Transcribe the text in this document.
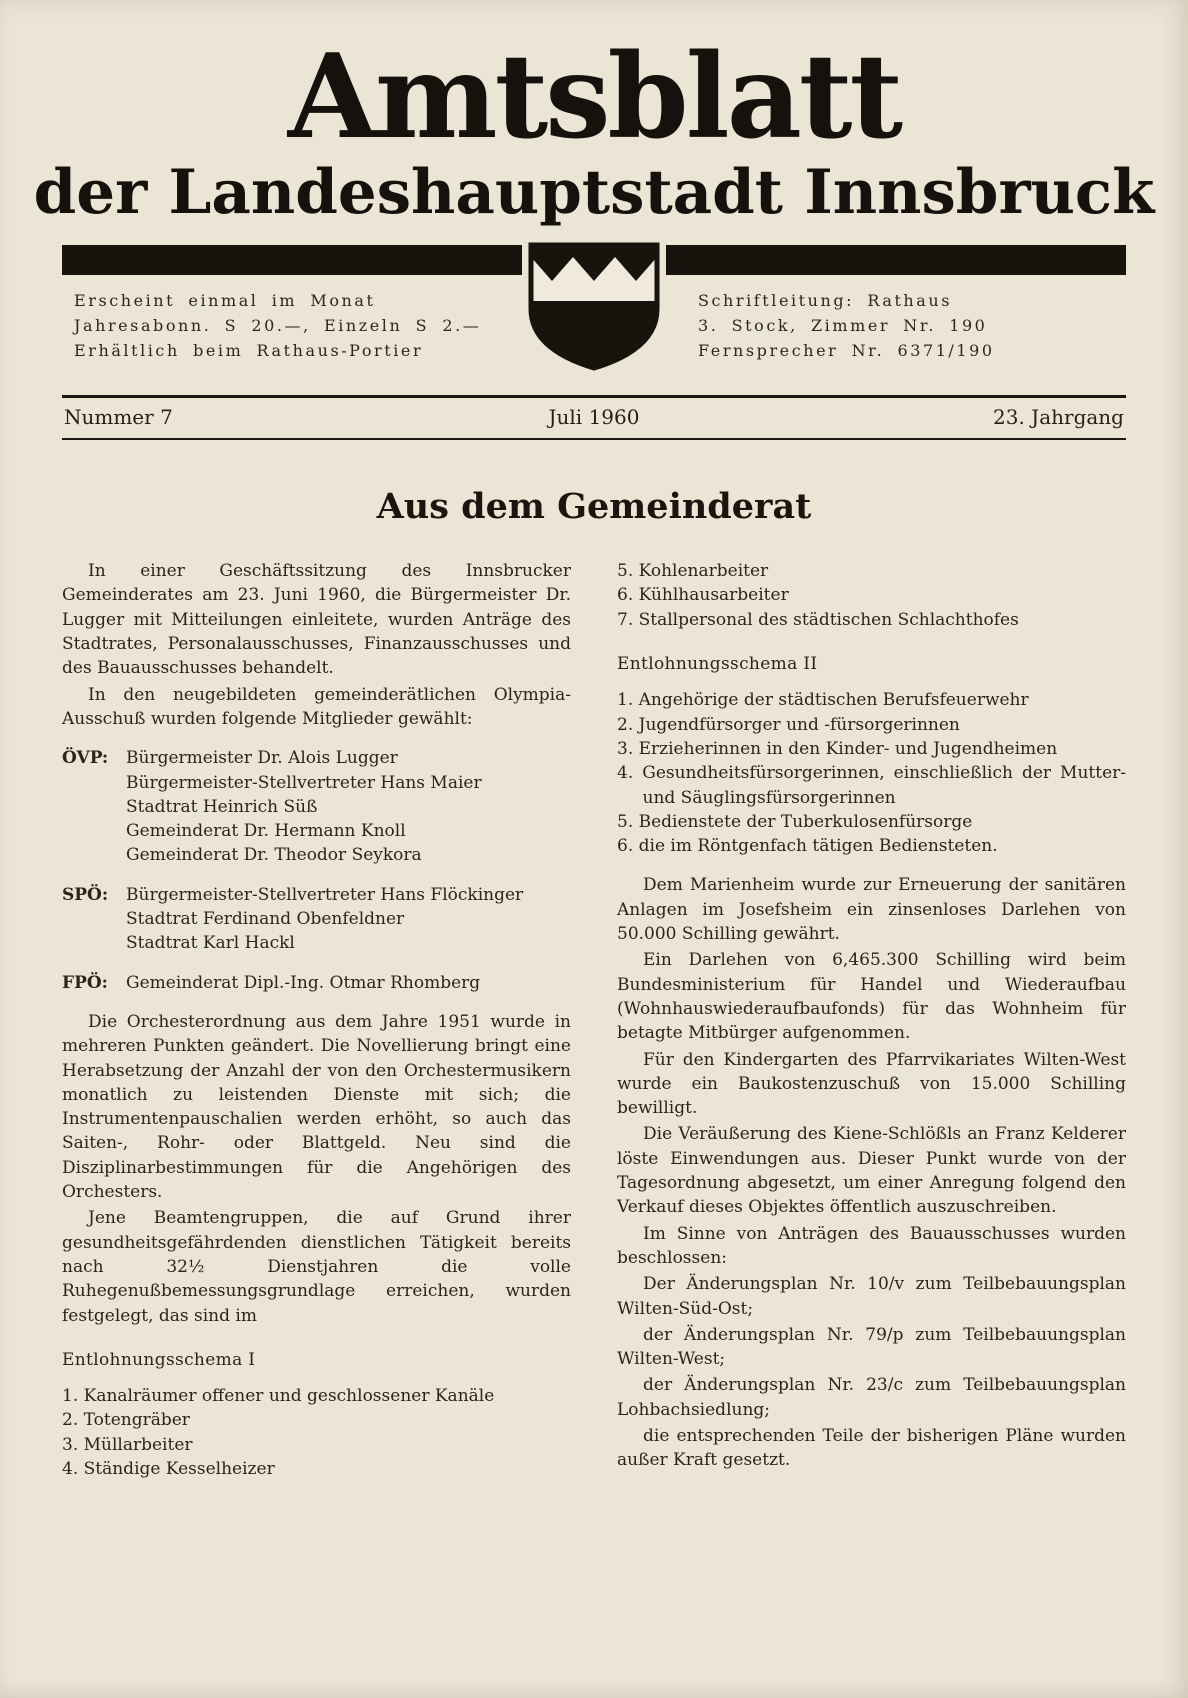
Amtsblatt
der Landeshauptstadt Innsbruck
Erscheint einmal im Monat
Jahresabonn. S 20.—, Einzeln S 2.—
Erhältlich beim Rathaus-Portier
Schriftleitung: Rathaus
3. Stock, Zimmer Nr. 190
Fernsprecher Nr. 6371/190
Nummer 7	Juli 1960	23. Jahrgang
Aus dem Gemeinderat

In einer Geschäftssitzung des Innsbrucker Gemeinderates am 23. Juni 1960, die Bürgermeister Dr. Lugger mit Mitteilungen einleitete, wurden Anträge des Stadtrates, Personalausschusses, Finanzausschusses und des Bauausschusses behandelt.

In den neugebildeten gemeinderätlichen Olympia-Ausschuß wurden folgende Mitglieder gewählt:

ÖVP:	Bürgermeister Dr. Alois Lugger
Bürgermeister-Stellvertreter Hans Maier
Stadtrat Heinrich Süß
Gemeinderat Dr. Hermann Knoll
Gemeinderat Dr. Theodor Seykora
SPÖ:	Bürgermeister-Stellvertreter Hans Flöckinger
Stadtrat Ferdinand Obenfeldner
Stadtrat Karl Hackl
FPÖ:	Gemeinderat Dipl.-Ing. Otmar Rhomberg

Die Orchesterordnung aus dem Jahre 1951 wurde in mehreren Punkten geändert. Die Novellierung bringt eine Herabsetzung der Anzahl der von den Orchestermusikern monatlich zu leistenden Dienste mit sich; die Instrumentenpauschalien werden erhöht, so auch das Saiten-, Rohr- oder Blattgeld. Neu sind die Disziplinarbestimmungen für die Angehörigen des Orchesters.

Jene Beamtengruppen, die auf Grund ihrer gesundheitsgefährdenden dienstlichen Tätigkeit bereits nach 32½ Dienstjahren die volle Ruhegenußbemessungsgrundlage erreichen, wurden festgelegt, das sind im

Entlohnungsschema I
1. Kanalräumer offener und geschlossener Kanäle
2. Totengräber
3. Müllarbeiter
4. Ständige Kesselheizer
5. Kohlenarbeiter
6. Kühlhausarbeiter
7. Stallpersonal des städtischen Schlachthofes
Entlohnungsschema II
1. Angehörige der städtischen Berufsfeuerwehr
2. Jugendfürsorger und -fürsorgerinnen
3. Erzieherinnen in den Kinder- und Jugendheimen
4. Gesundheitsfürsorgerinnen, einschließlich der Mutter- und Säuglingsfürsorgerinnen
5. Bedienstete der Tuberkulosenfürsorge
6. die im Röntgenfach tätigen Bediensteten.

Dem Marienheim wurde zur Erneuerung der sanitären Anlagen im Josefsheim ein zinsenloses Darlehen von 50.000 Schilling gewährt.

Ein Darlehen von 6,465.300 Schilling wird beim Bundesministerium für Handel und Wiederaufbau (Wohnhauswiederaufbaufonds) für das Wohnheim für betagte Mitbürger aufgenommen.

Für den Kindergarten des Pfarrvikariates Wilten-West wurde ein Baukostenzuschuß von 15.000 Schilling bewilligt.

Die Veräußerung des Kiene-Schlößls an Franz Kelderer löste Einwendungen aus. Dieser Punkt wurde von der Tagesordnung abgesetzt, um einer Anregung folgend den Verkauf dieses Objektes öffentlich auszuschreiben.

Im Sinne von Anträgen des Bauausschusses wurden beschlossen:

Der Änderungsplan Nr. 10/v zum Teilbebauungsplan Wilten-Süd-Ost;

der Änderungsplan Nr. 79/p zum Teilbebauungsplan Wilten-West;

der Änderungsplan Nr. 23/c zum Teilbebauungsplan Lohbachsiedlung;

die entsprechenden Teile der bisherigen Pläne wurden außer Kraft gesetzt.
